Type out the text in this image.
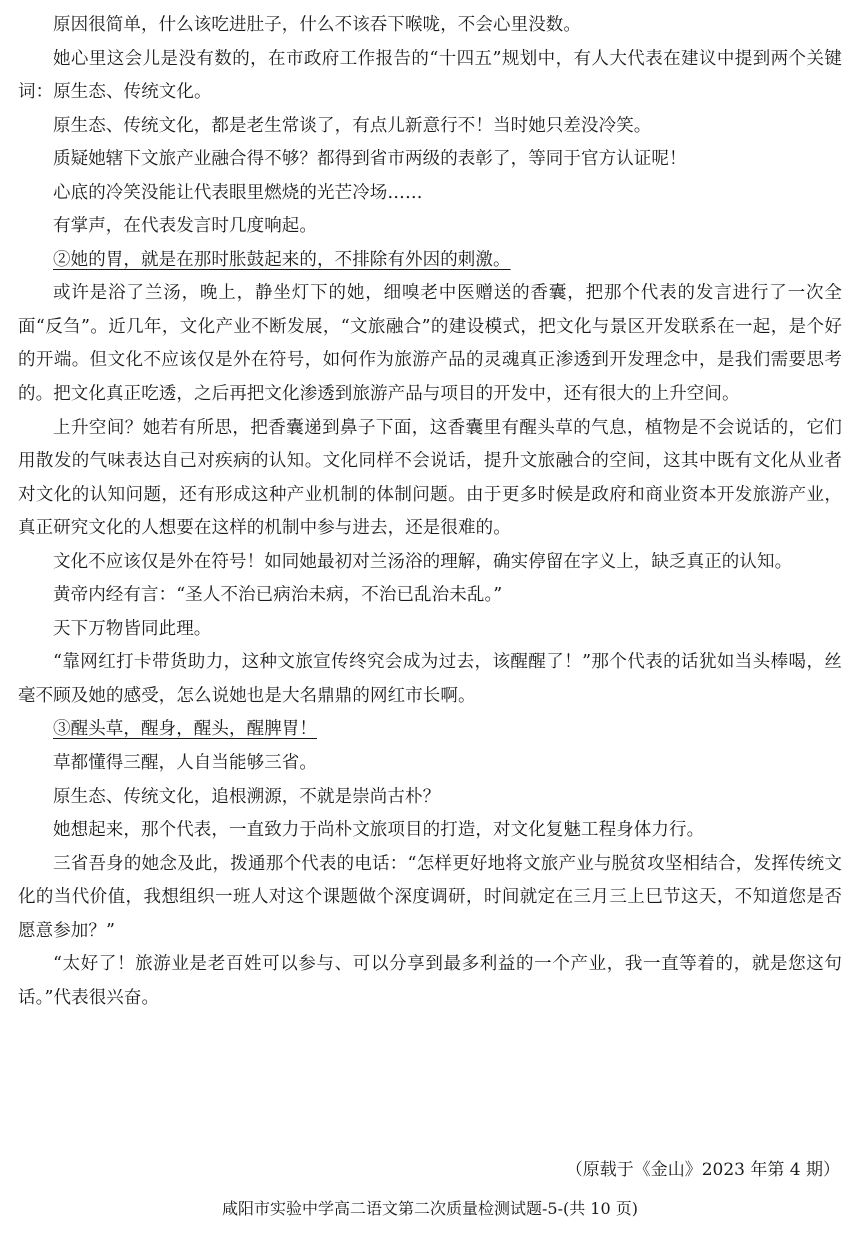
原因很简单，什么该吃进肚子，什么不该吞下喉咙，不会心里没数。

她心里这会儿是没有数的，在市政府工作报告的“十四五”规划中，有人大代表在建议中提到两个关键词：原生态、传统文化。

原生态、传统文化，都是老生常谈了，有点儿新意行不！当时她只差没冷笑。

质疑她辖下文旅产业融合得不够？都得到省市两级的表彰了，等同于官方认证呢！

心底的冷笑没能让代表眼里燃烧的光芒冷场……

有掌声，在代表发言时几度响起。

②她的胃，就是在那时胀鼓起来的，不排除有外因的刺激。

或许是浴了兰汤，晚上，静坐灯下的她，细嗅老中医赠送的香囊，把那个代表的发言进行了一次全面“反刍”。近几年，文化产业不断发展，“文旅融合”的建设模式，把文化与景区开发联系在一起，是个好的开端。但文化不应该仅是外在符号，如何作为旅游产品的灵魂真正渗透到开发理念中，是我们需要思考的。把文化真正吃透，之后再把文化渗透到旅游产品与项目的开发中，还有很大的上升空间。

上升空间？她若有所思，把香囊递到鼻子下面，这香囊里有醒头草的气息，植物是不会说话的，它们用散发的气味表达自己对疾病的认知。文化同样不会说话，提升文旅融合的空间，这其中既有文化从业者对文化的认知问题，还有形成这种产业机制的体制问题。由于更多时候是政府和商业资本开发旅游产业，真正研究文化的人想要在这样的机制中参与进去，还是很难的。

文化不应该仅是外在符号！如同她最初对兰汤浴的理解，确实停留在字义上，缺乏真正的认知。

黄帝内经有言：“圣人不治已病治未病，不治已乱治未乱。”

天下万物皆同此理。

“靠网红打卡带货助力，这种文旅宣传终究会成为过去，该醒醒了！”那个代表的话犹如当头棒喝，丝毫不顾及她的感受，怎么说她也是大名鼎鼎的网红市长啊。

③醒头草，醒身，醒头，醒脾胃！

草都懂得三醒，人自当能够三省。

原生态、传统文化，追根溯源，不就是崇尚古朴？

她想起来，那个代表，一直致力于尚朴文旅项目的打造，对文化复魅工程身体力行。

三省吾身的她念及此，拨通那个代表的电话：“怎样更好地将文旅产业与脱贫攻坚相结合，发挥传统文化的当代价值，我想组织一班人对这个课题做个深度调研，时间就定在三月三上巳节这天，不知道您是否愿意参加？”

“太好了！旅游业是老百姓可以参与、可以分享到最多利益的一个产业，我一直等着的，就是您这句话。”代表很兴奋。

（原载于《金山》2023 年第 4 期）
咸阳市实验中学高二语文第二次质量检测试题-5-(共 10 页)
